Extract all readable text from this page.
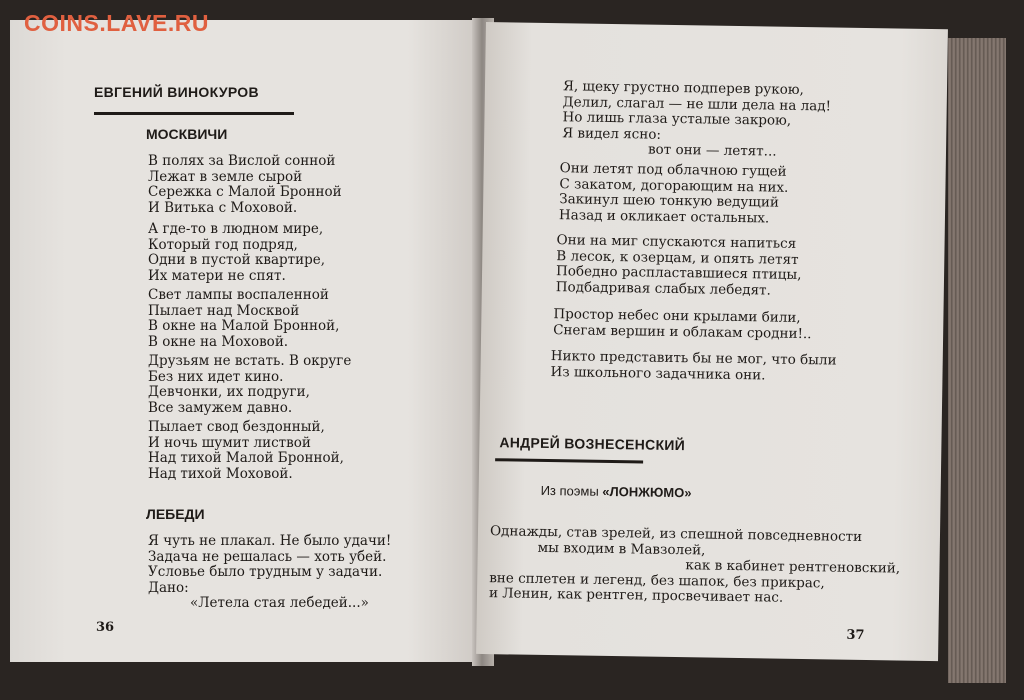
COINS.LAVE.RU
ЕВГЕНИЙ ВИНОКУРОВ
МОСКВИЧИ
В полях за Вислой сонной
Лежат в земле сырой
Сережка с Малой Бронной
И Витька с Моховой.
А где-то в людном мире,
Который год подряд,
Одни в пустой квартире,
Их матери не спят.
Свет лампы воспаленной
Пылает над Москвой
В окне на Малой Бронной,
В окне на Моховой.
Друзьям не встать. В округе
Без них идет кино.
Девчонки, их подруги,
Все замужем давно.
Пылает свод бездонный,
И ночь шумит листвой
Над тихой Малой Бронной,
Над тихой Моховой.
ЛЕБЕДИ
Я чуть не плакал. Не было удачи!
Задача не решалась — хоть убей.
Условье было трудным у задачи.
Дано:
«Летела стая лебедей...»
36
Я, щеку грустно подперев рукою,
Делил, слагал — не шли дела на лад!
Но лишь глаза усталые закрою,
Я видел ясно:
вот они — летят...
Они летят под облачною гущей
С закатом, догорающим на них.
Закинул шею тонкую ведущий
Назад и окликает остальных.
Они на миг спускаются напиться
В лесок, к озерцам, и опять летят
Победно распластавшиеся птицы,
Подбадривая слабых лебедят.
Простор небес они крылами били,
Снегам вершин и облакам сродни!..
Никто представить бы не мог, что были
Из школьного задачника они.
АНДРЕЙ ВОЗНЕСЕНСКИЙ
Из поэмы «ЛОНЖЮМО»
Однажды, став зрелей, из спешной повседневности
мы входим в Мавзолей,
как в кабинет рентгеновский,
вне сплетен и легенд, без шапок, без прикрас,
и Ленин, как рентген, просвечивает нас.
37
